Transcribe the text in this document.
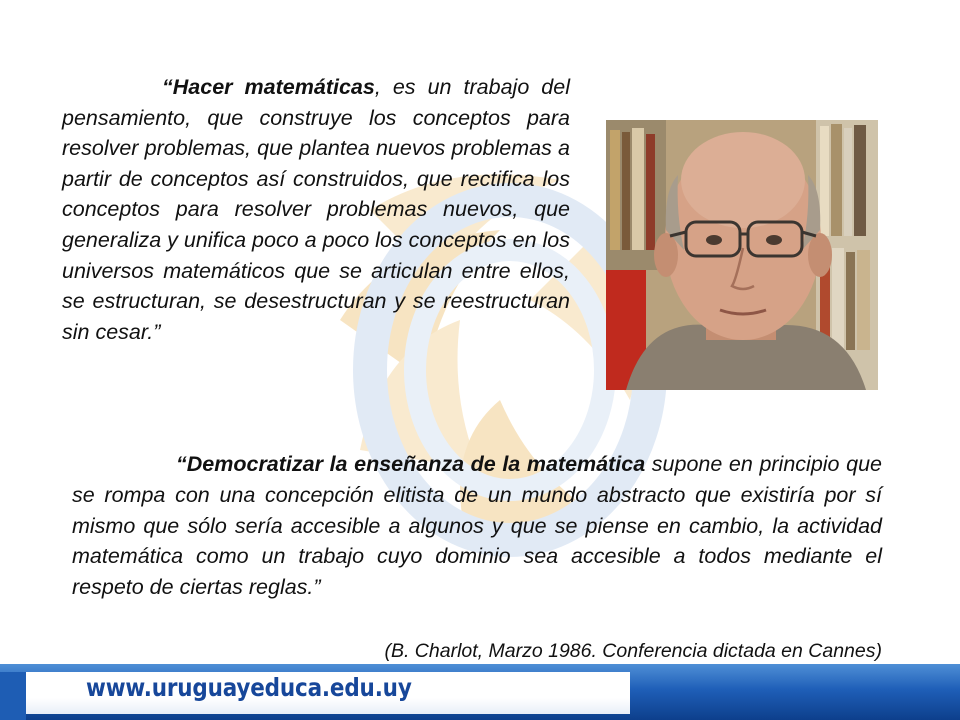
“Hacer matemáticas, es un trabajo del pensamiento, que construye los conceptos para resolver problemas, que plantea nuevos problemas a partir de conceptos así construidos, que rectifica los conceptos para resolver problemas nuevos, que generaliza y unifica poco a poco los conceptos en los universos matemáticos que se articulan entre ellos, se estructuran, se desestructuran y se reestructuran sin cesar.”
“Democratizar la enseñanza de la matemática supone en principio que se rompa con una concepción elitista de un mundo abstracto que existiría por sí mismo que sólo sería accesible a algunos y que se piense en cambio, la actividad matemática como un trabajo cuyo dominio sea accesible a todos mediante el respeto de ciertas reglas.”
(B. Charlot, Marzo 1986. Conferencia dictada en Cannes)
www.uruguayeduca.edu.uy
